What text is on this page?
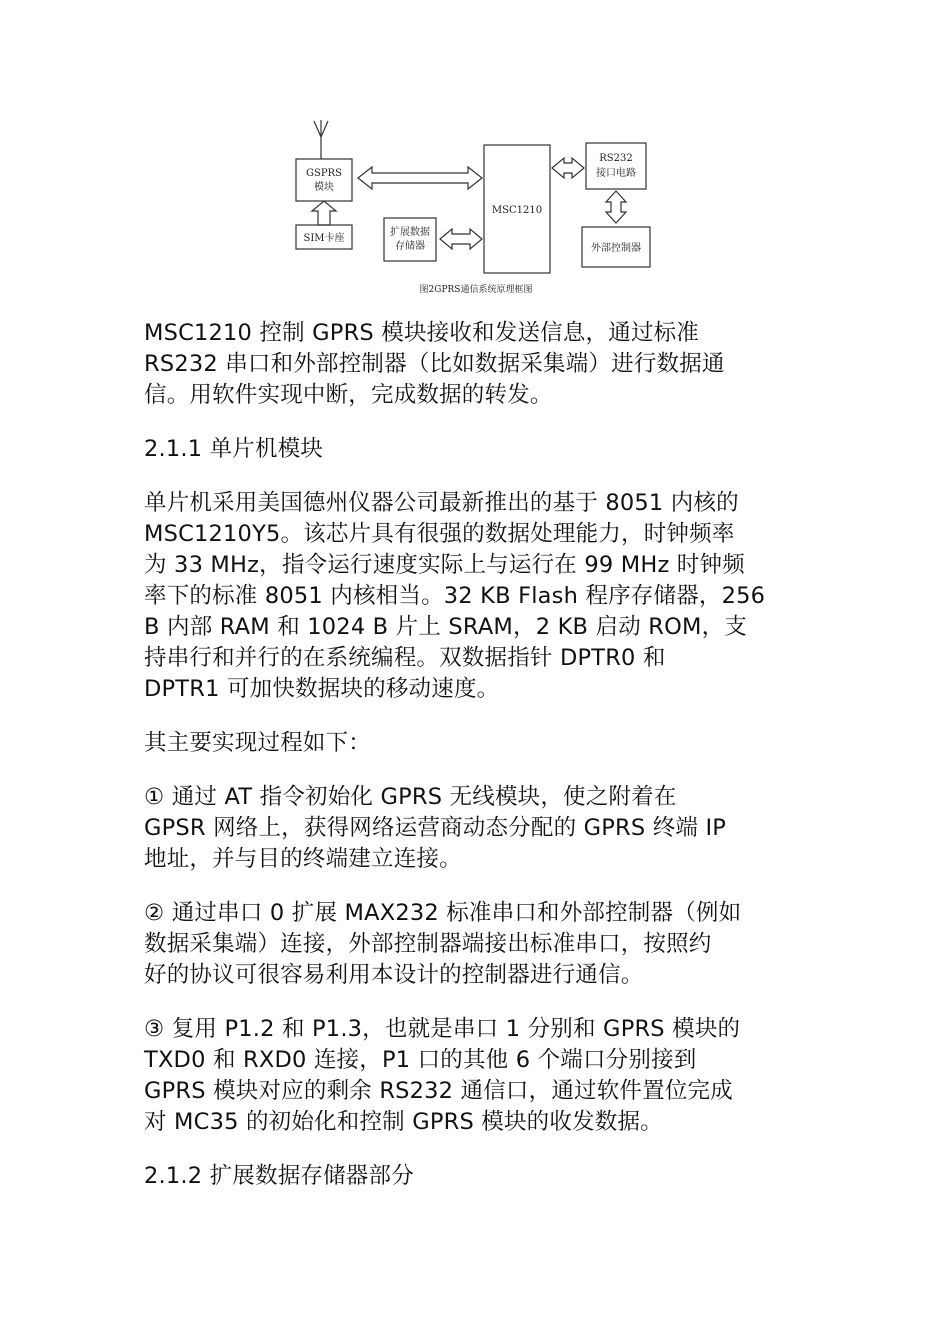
GSPRS
模块
SIM卡座
MSC1210
扩展数据
存储器
RS232
接口电路
外部控制器
图2GPRS通信系统原理框图

MSC1210 控制 GPRS 模块接收和发送信息，通过标准
RS232 串口和外部控制器（比如数据采集端）进行数据通
信。用软件实现中断，完成数据的转发。

2.1.1 单片机模块

单片机采用美国德州仪器公司最新推出的基于 8051 内核的
MSC1210Y5。该芯片具有很强的数据处理能力，时钟频率
为 33 MHz，指令运行速度实际上与运行在 99 MHz 时钟频
率下的标准 8051 内核相当。32 KB Flash 程序存储器，256
B 内部 RAM 和 1024 B 片上 SRAM，2 KB 启动 ROM，支
持串行和并行的在系统编程。双数据指针 DPTR0 和
DPTR1 可加快数据块的移动速度。

其主要实现过程如下：

① 通过 AT 指令初始化 GPRS 无线模块，使之附着在
GPSR 网络上，获得网络运营商动态分配的 GPRS 终端 IP
地址，并与目的终端建立连接。

② 通过串口 0 扩展 MAX232 标准串口和外部控制器（例如
数据采集端）连接，外部控制器端接出标准串口，按照约
好的协议可很容易利用本设计的控制器进行通信。

③ 复用 P1.2 和 P1.3，也就是串口 1 分别和 GPRS 模块的
TXD0 和 RXD0 连接，P1 口的其他 6 个端口分别接到
GPRS 模块对应的剩余 RS232 通信口，通过软件置位完成
对 MC35 的初始化和控制 GPRS 模块的收发数据。

2.1.2 扩展数据存储器部分
